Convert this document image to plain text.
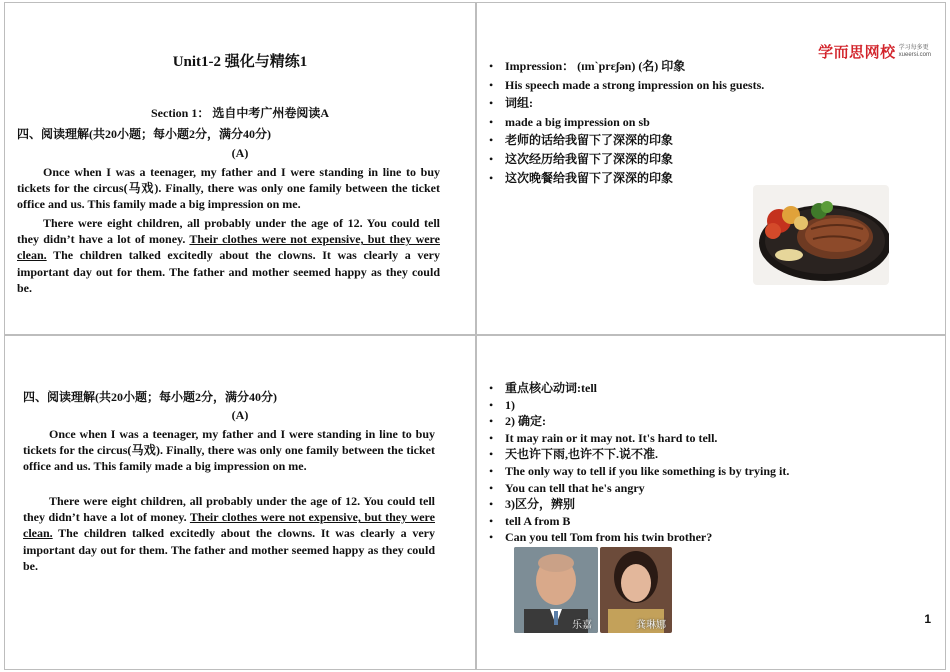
Unit1-2 强化与精练1
Section 1： 选自中考广州卷阅读A
四、阅读理解(共20小题；每小题2分，满分40分)
(A)
Once when I was a teenager, my father and I were standing in line to buy tickets for the circus(马戏). Finally, there was only one family between the ticket office and us. This family made a big impression on me.
There were eight children, all probably under the age of 12. You could tell they didn’t have a lot of money. Their clothes were not expensive, but they were clean. The children talked excitedly about the clowns. It was clearly a very important day out for them. The father and mother seemed happy as they could be.
学而思网校 学习每多更
xueersi.com
• Impression： (ɪm`prɛʃən) (名) 印象
• His speech made a strong impression on his guests.
• 词组:
• made a big impression on sb
• 老师的话给我留下了深深的印象
• 这次经历给我留下了深深的印象
• 这次晚餐给我留下了深深的印象
四、阅读理解(共20小题；每小题2分，满分40分)
(A)
Once when I was a teenager, my father and I were standing in line to buy tickets for the circus(马戏). Finally, there was only one family between the ticket office and us. This family made a big impression on me.
There were eight children, all probably under the age of 12. You could tell they didn’t have a lot of money. Their clothes were not expensive, but they were clean. The children talked excitedly about the clowns. It was clearly a very important day out for them. The father and mother seemed happy as they could be.
• 重点核心动词:tell
• 1)
• 2) 确定:
• It may rain or it may not. It's hard to tell.
• 天也许下雨,也许不下.说不准.
• The only way to tell if you like something is by trying it.
• You can tell that he's angry
• 3)区分，辨别
• tell A from B
• Can you tell Tom from his twin brother?
乐嘉	龚琳娜	1
